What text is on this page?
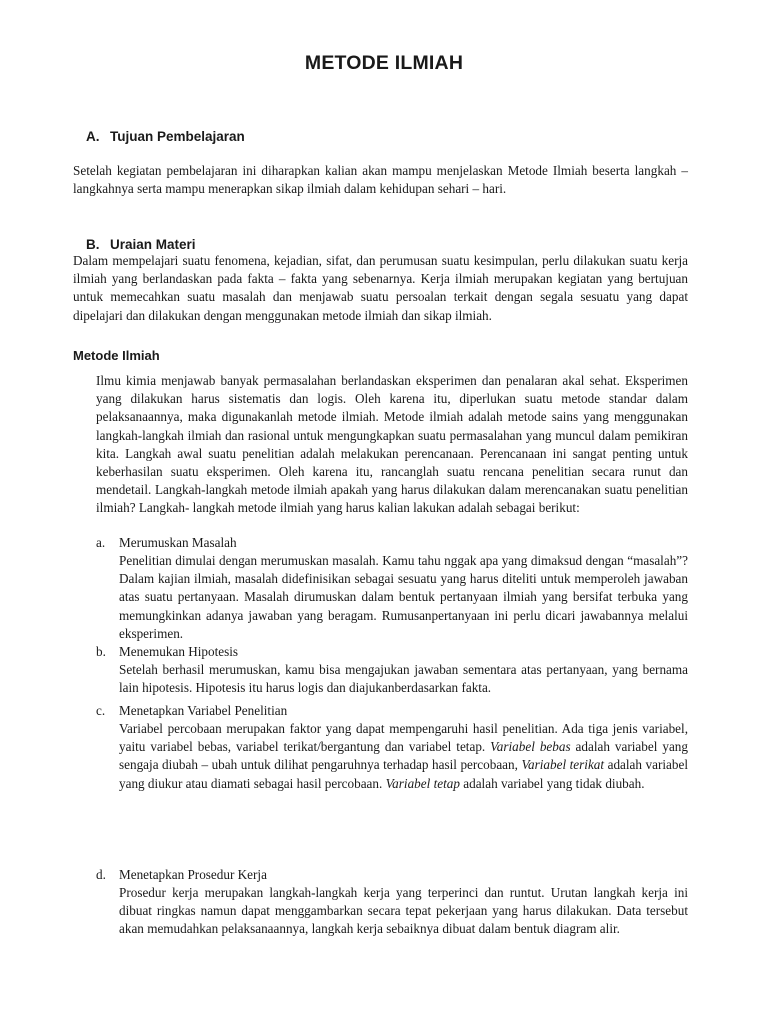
METODE ILMIAH
A. Tujuan Pembelajaran

Setelah kegiatan pembelajaran ini diharapkan kalian akan mampu menjelaskan Metode Ilmiah beserta langkah – langkahnya serta mampu menerapkan sikap ilmiah dalam kehidupan sehari – hari.

B. Uraian Materi

Dalam mempelajari suatu fenomena, kejadian, sifat, dan perumusan suatu kesimpulan, perlu dilakukan suatu kerja ilmiah yang berlandaskan pada fakta – fakta yang sebenarnya. Kerja ilmiah merupakan kegiatan yang bertujuan untuk memecahkan suatu masalah dan menjawab suatu persoalan terkait dengan segala sesuatu yang dapat dipelajari dan dilakukan dengan menggunakan metode ilmiah dan sikap ilmiah.

Metode Ilmiah

Ilmu kimia menjawab banyak permasalahan berlandaskan eksperimen dan penalaran akal sehat. Eksperimen yang dilakukan harus sistematis dan logis. Oleh karena itu, diperlukan suatu metode standar dalam pelaksanaannya, maka digunakanlah metode ilmiah. Metode ilmiah adalah metode sains yang menggunakan langkah-langkah ilmiah dan rasional untuk mengungkapkan suatu permasalahan yang muncul dalam pemikiran kita. Langkah awal suatu penelitian adalah melakukan perencanaan. Perencanaan ini sangat penting untuk keberhasilan suatu eksperimen. Oleh karena itu, rancanglah suatu rencana penelitian secara runut dan mendetail. Langkah-langkah metode ilmiah apakah yang harus dilakukan dalam merencanakan suatu penelitian ilmiah? Langkah- langkah metode ilmiah yang harus kalian lakukan adalah sebagai berikut:

a. Merumuskan Masalah

Penelitian dimulai dengan merumuskan masalah. Kamu tahu nggak apa yang dimaksud dengan “masalah”? Dalam kajian ilmiah, masalah didefinisikan sebagai sesuatu yang harus diteliti untuk memperoleh jawaban atas suatu pertanyaan. Masalah dirumuskan dalam bentuk pertanyaan ilmiah yang bersifat terbuka yang memungkinkan adanya jawaban yang beragam. Rumusanpertanyaan ini perlu dicari jawabannya melalui eksperimen.

b. Menemukan Hipotesis

Setelah berhasil merumuskan, kamu bisa mengajukan jawaban sementara atas pertanyaan, yang bernama lain hipotesis. Hipotesis itu harus logis dan diajukanberdasarkan fakta.

c. Menetapkan Variabel Penelitian

Variabel percobaan merupakan faktor yang dapat mempengaruhi hasil penelitian. Ada tiga jenis variabel, yaitu variabel bebas, variabel terikat/bergantung dan variabel tetap. Variabel bebas adalah variabel yang sengaja diubah – ubah untuk dilihat pengaruhnya terhadap hasil percobaan, Variabel terikat adalah variabel yang diukur atau diamati sebagai hasil percobaan. Variabel tetap adalah variabel yang tidak diubah.

d. Menetapkan Prosedur Kerja

Prosedur kerja merupakan langkah-langkah kerja yang terperinci dan runtut. Urutan langkah kerja ini dibuat ringkas namun dapat menggambarkan secara tepat pekerjaan yang harus dilakukan. Data tersebut akan memudahkan pelaksanaannya, langkah kerja sebaiknya dibuat dalam bentuk diagram alir.
